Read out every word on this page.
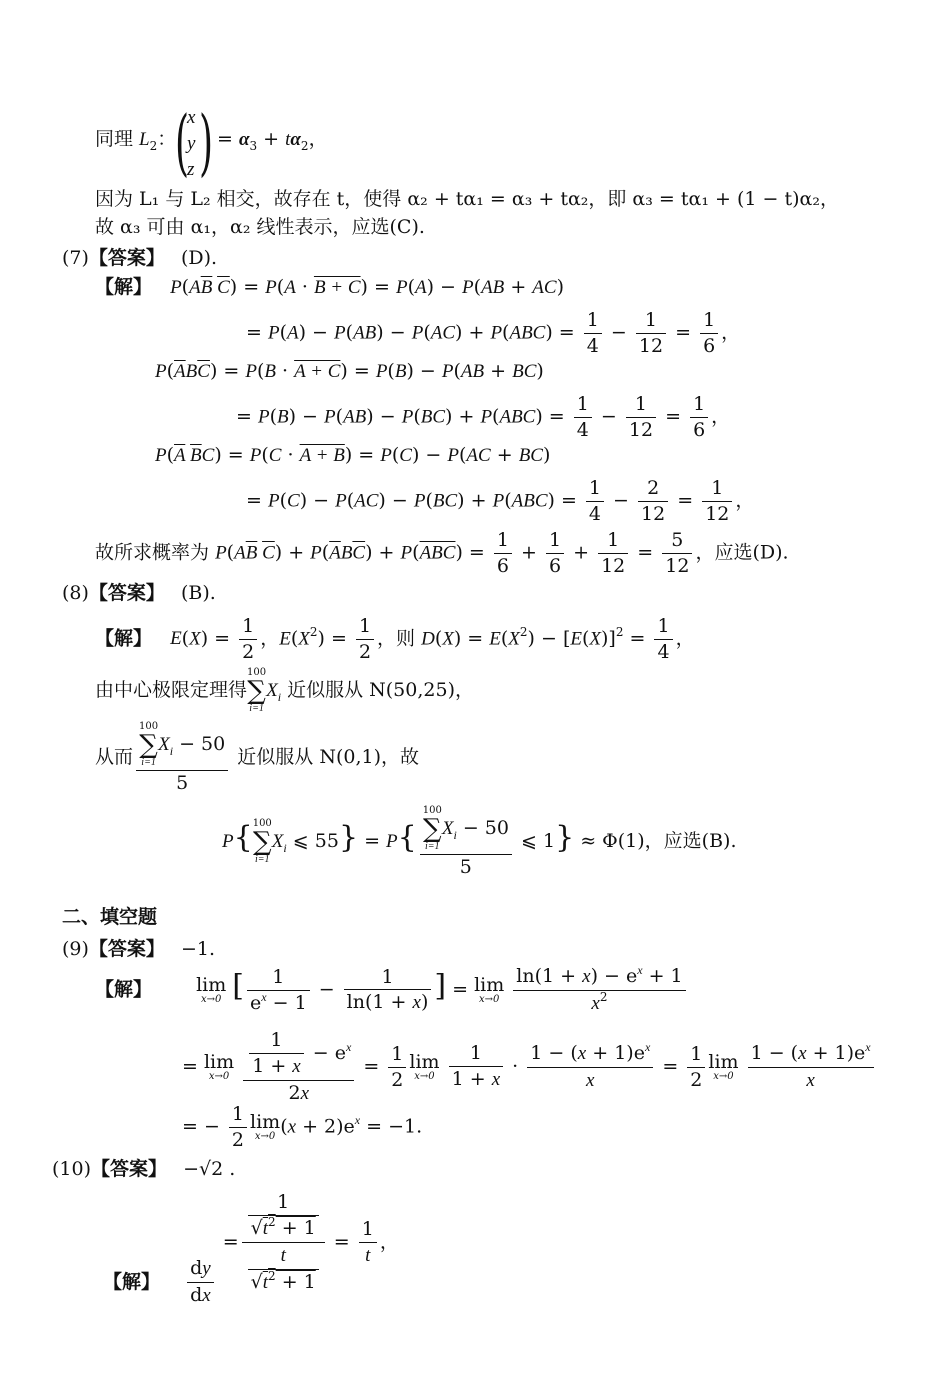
同理 $L_2$：
(
x
y
z ) = $\alpha_3 + t\alpha_2$，
因为 L₁ 与 L₂ 相交，故存在 t，使得 α₂ + tα₁ = α₃ + tα₂，即 α₃ = tα₁ + (1 − t)α₂，
故 α₃ 可由 α₁，α₂ 线性表示，应选(C).
(7)【答案】 (D).
【解】 $P(A\overline{B}$ $\overline{C}) = P(A \cdot B + C) = P(A) - P(AB + AC)$
= $P(A) - P(AB) - P(AC) + P(ABC) = \frac{1}{4} - \frac{1}{12} = \frac{1}{6}$ ，
$P(\overline{A}B\overline{C}) = P(B \cdot A + C) = P(B) - P(AB + BC)$
= $P(B) - P(AB) - P(BC) + P(ABC) = \frac{1}{4} - \frac{1}{12} = \frac{1}{6}$ ，
$P(\overline{A}$ $\overline{B}C) = P(C \cdot A + B) = P(C) - P(AC + BC)$
= $P(C) - P(AC) - P(BC) + P(ABC) = \frac{1}{4} - \frac{2}{12} = \frac{1}{12}$ ，
故所求概率为 $P(A\overline{B}$ $\overline{C}) + P(\overline{A}B\overline{C}) + P(\overline{ABC}) = \frac{1}{6} + \frac{1}{6} + \frac{1}{12} = \frac{5}{12}$ ，应选(D).
(8)【答案】 (B).
【解】 $E(X) = \frac{1}{2}$ ，$E(X^2) = \frac{1}{2}$ ，则 $D(X) = E(X^2) - [E(X)]^2 = \frac{1}{4}$ ，
由中心极限定理得
100
∑
i=1
$X_i$ 近似服从 N(50,25)，
从而 100
∑
i=1
$X_i - 50$
5 近似服从 N(0,1)，故
P{ 100
∑
i=1
$X_i$ ⩽ 55} = P{ 100
∑
i=1
$X_i - 50$
5 ⩽ 1} ≈ Φ(1)，应选(B).
二、填空题
(9)【答案】 −1.
【解】 lim
x→0 [ $\frac{1}{e^x - 1} - \frac{1}{\ln(1 + x)}$ ] = lim
x→0
$\frac{\ln(1 + x) - e^x + 1}{x^2}$
= lim
x→0
$\frac{\frac{1}{1 + x} - e^x}{2x} = \frac{1}{2}$ lim
x→0
$\frac{1}{1 + x} \cdot \frac{1 - (x + 1)e^x}{x} = \frac{1}{2}$ lim
x→0
$\frac{1 - (x + 1)e^x}{x}$
= − $\frac{1}{2}$ lim
x→0 $(x + 2)e^x = -1$.
(10)【答案】 −√2 .
【解】 $\frac{dy}{dx}$
= $\frac{\frac{1}{√t^2 + 1}}{\frac{t}{√t^2 + 1}} = \frac{1}{t}$ ，
